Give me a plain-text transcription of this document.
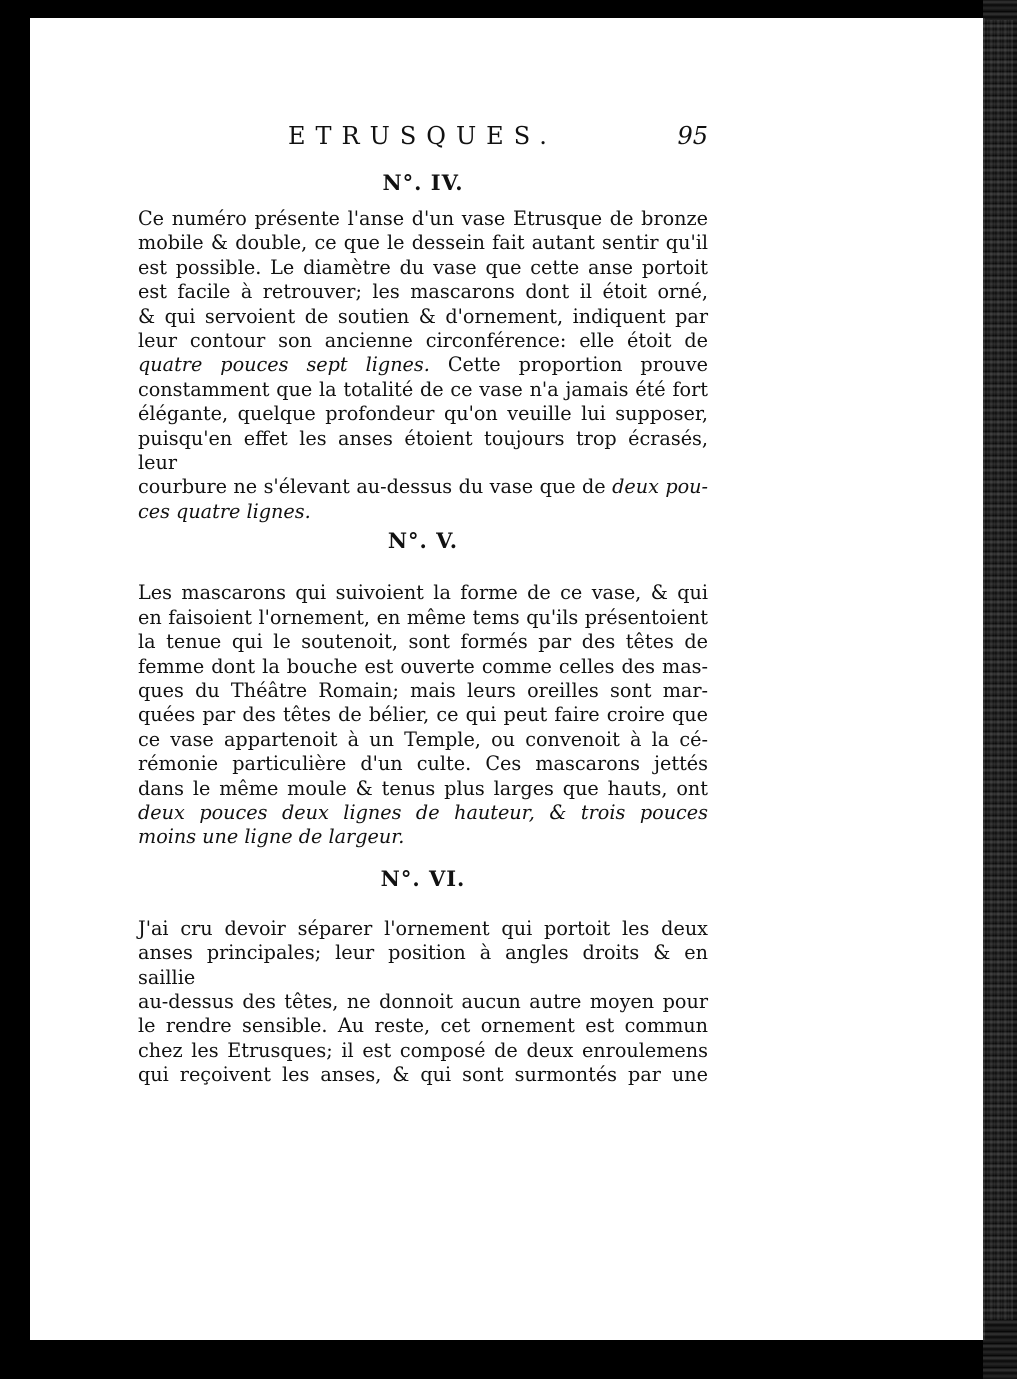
ETRUSQUES.	95
N°. IV.

Ce numéro présente l'anse d'un vase Etrusque de bronze
mobile & double, ce que le dessein fait autant sentir qu'il
est possible. Le diamètre du vase que cette anse portoit
est facile à retrouver; les mascarons dont il étoit orné,
& qui servoient de soutien & d'ornement, indiquent par
leur contour son ancienne circonférence: elle étoit de
quatre pouces sept lignes. Cette proportion prouve
constamment que la totalité de ce vase n'a jamais été fort
élégante, quelque profondeur qu'on veuille lui supposer,
puisqu'en effet les anses étoient toujours trop écrasés, leur
courbure ne s'élevant au-dessus du vase que de deux pou-
ces quatre lignes.

N°. V.

Les mascarons qui suivoient la forme de ce vase, & qui
en faisoient l'ornement, en même tems qu'ils présentoient
la tenue qui le soutenoit, sont formés par des têtes de
femme dont la bouche est ouverte comme celles des mas-
ques du Théâtre Romain; mais leurs oreilles sont mar-
quées par des têtes de bélier, ce qui peut faire croire que
ce vase appartenoit à un Temple, ou convenoit à la cé-
rémonie particulière d'un culte. Ces mascarons jettés
dans le même moule & tenus plus larges que hauts, ont
deux pouces deux lignes de hauteur, & trois pouces
moins une ligne de largeur.

N°. VI.

J'ai cru devoir séparer l'ornement qui portoit les deux
anses principales; leur position à angles droits & en saillie
au-dessus des têtes, ne donnoit aucun autre moyen pour
le rendre sensible. Au reste, cet ornement est commun
chez les Etrusques; il est composé de deux enroulemens
qui reçoivent les anses, & qui sont surmontés par une
